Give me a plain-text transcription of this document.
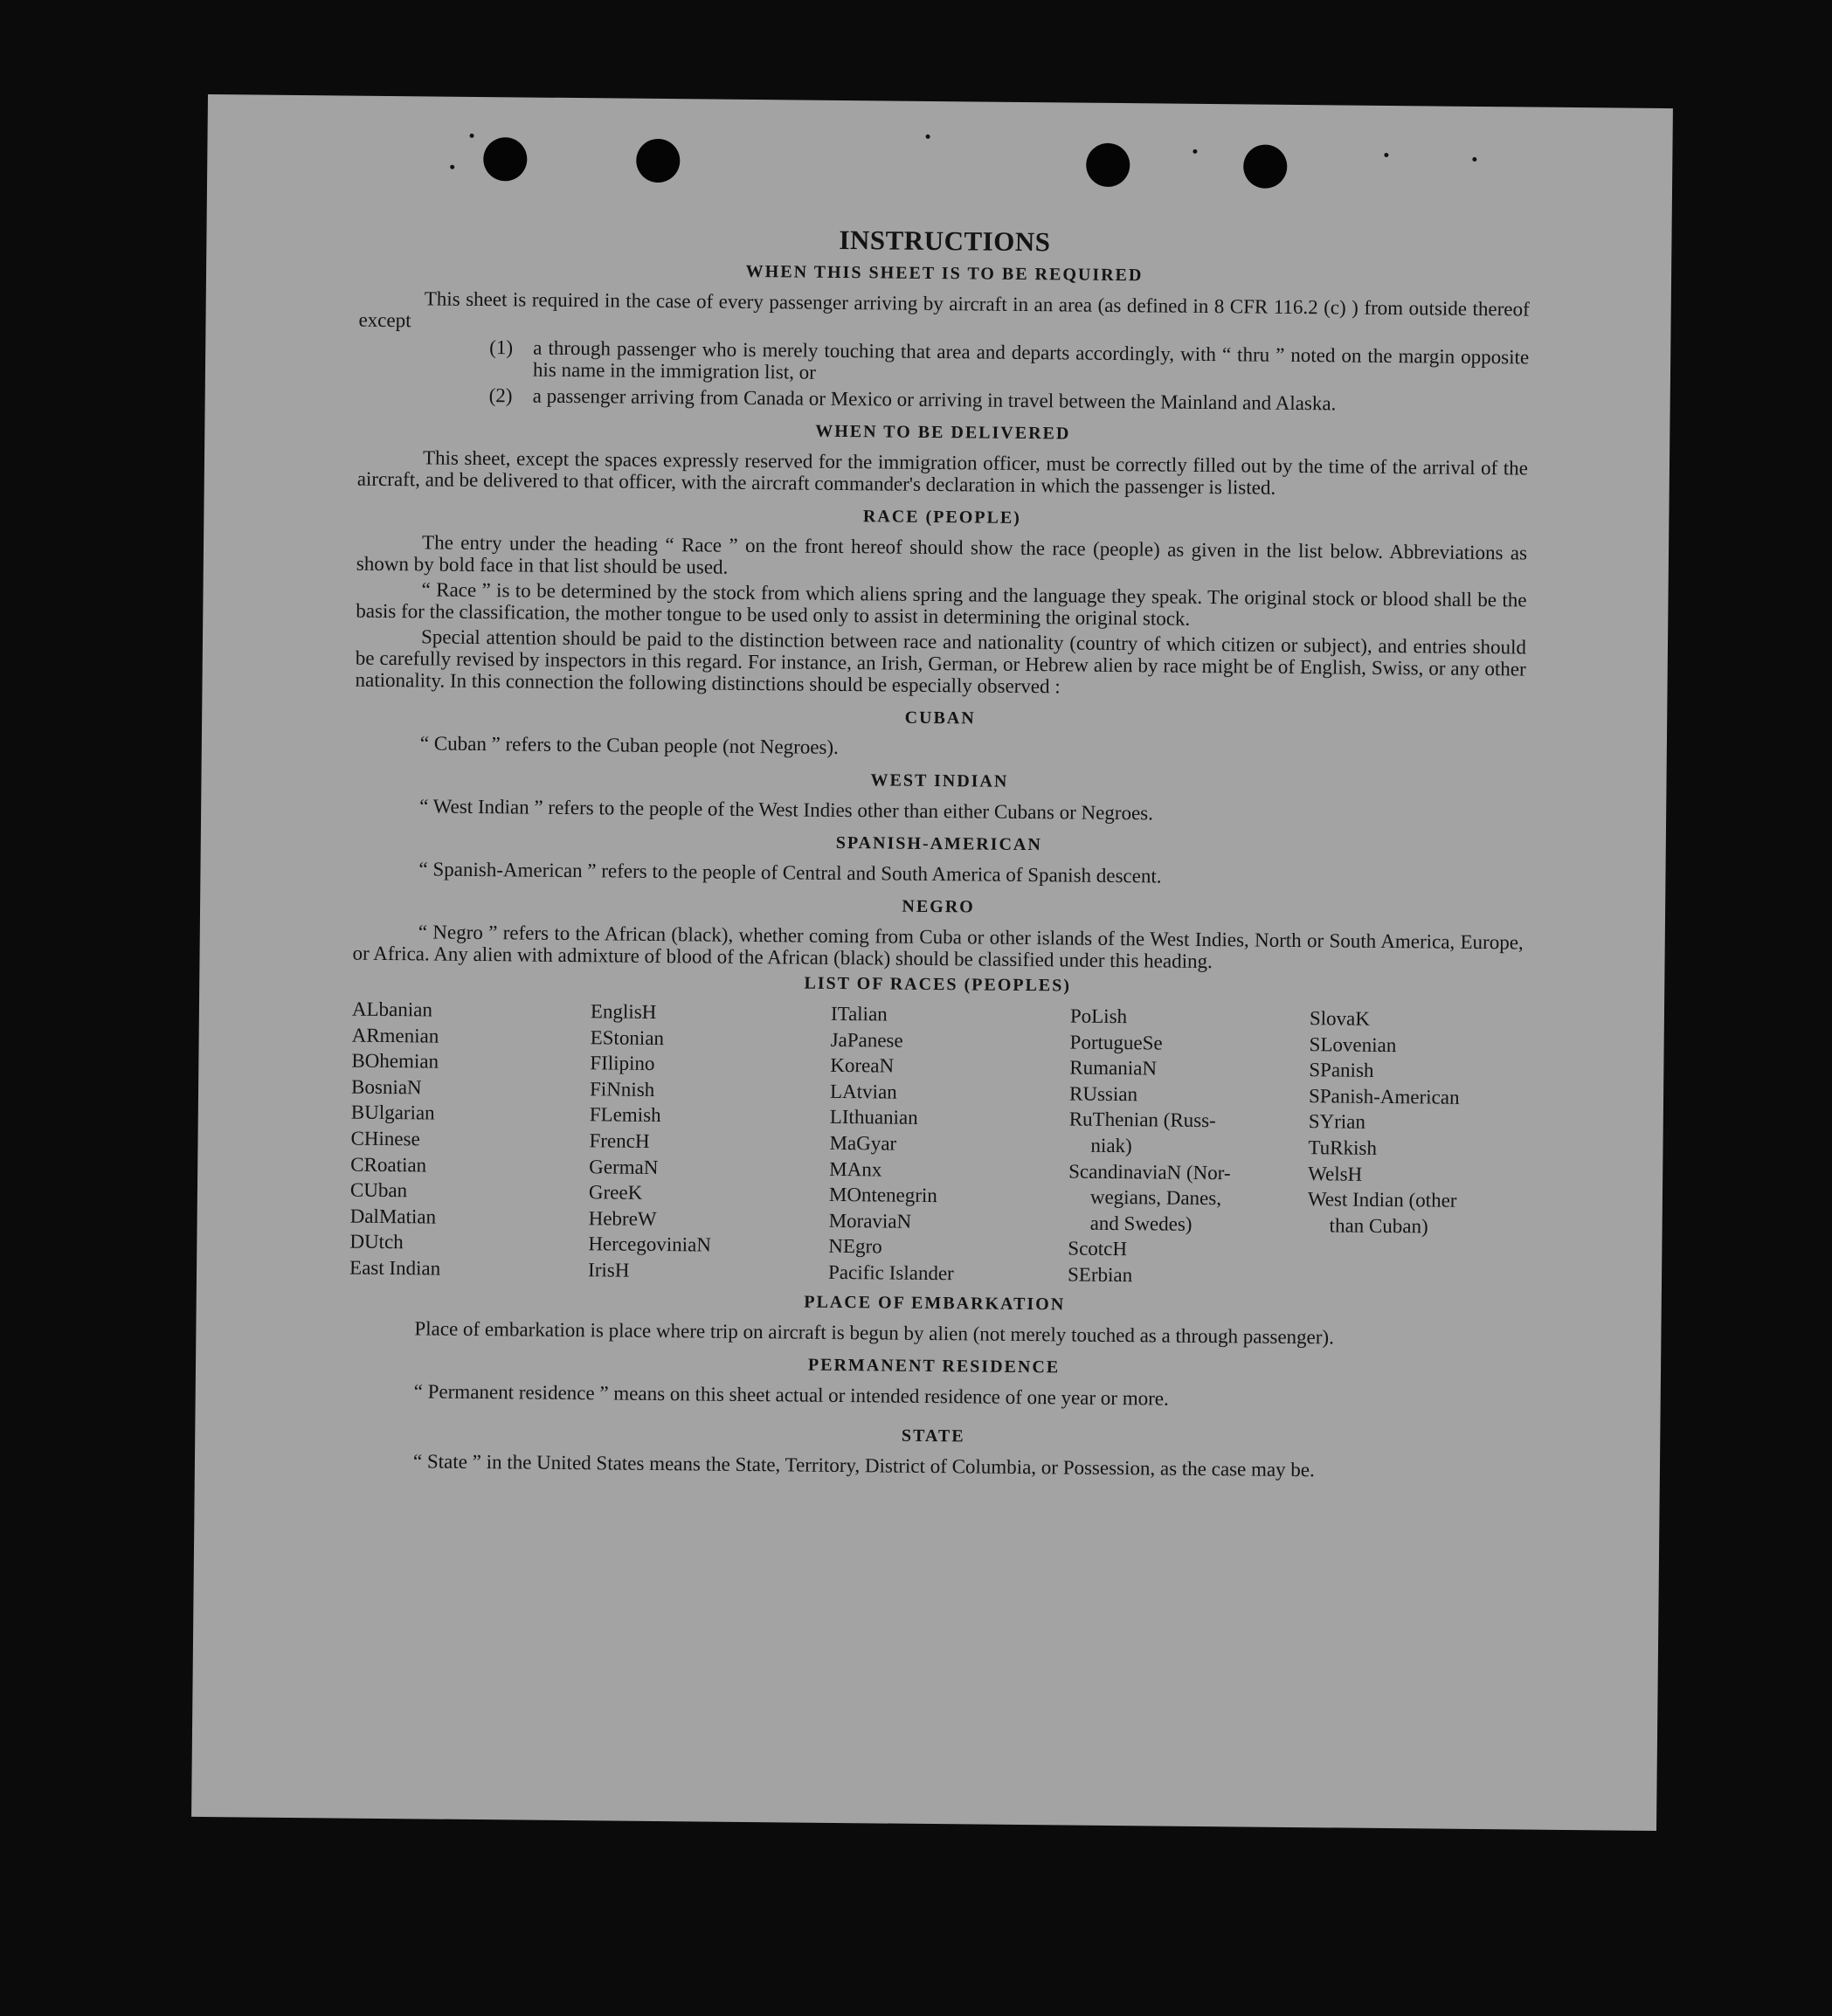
INSTRUCTIONS
WHEN THIS SHEET IS TO BE REQUIRED

This sheet is required in the case of every passenger arriving by aircraft in an area (as defined in 8 CFR 116.2 (c) ) from outside thereof except

(1) a through passenger who is merely touching that area and departs accordingly, with “ thru ” noted on the margin opposite his name in the immigration list, or
(2) a passenger arriving from Canada or Mexico or arriving in travel between the Mainland and Alaska.
WHEN TO BE DELIVERED

This sheet, except the spaces expressly reserved for the immigration officer, must be correctly filled out by the time of the arrival of the aircraft, and be delivered to that officer, with the aircraft commander's declaration in which the passenger is listed.

RACE (PEOPLE)

The entry under the heading “ Race ” on the front hereof should show the race (people) as given in the list below. Abbreviations as shown by bold face in that list should be used.

“ Race ” is to be determined by the stock from which aliens spring and the language they speak. The original stock or blood shall be the basis for the classification, the mother tongue to be used only to assist in determining the original stock.

Special attention should be paid to the distinction between race and nationality (country of which citizen or subject), and entries should be carefully revised by inspectors in this regard. For instance, an Irish, German, or Hebrew alien by race might be of English, Swiss, or any other nationality. In this connection the following distinctions should be especially observed :

CUBAN
“ Cuban ” refers to the Cuban people (not Negroes).
WEST INDIAN
“ West Indian ” refers to the people of the West Indies other than either Cubans or Negroes.
SPANISH-AMERICAN
“ Spanish-American ” refers to the people of Central and South America of Spanish descent.
NEGRO

“ Negro ” refers to the African (black), whether coming from Cuba or other islands of the West Indies, North or South America, Europe, or Africa. Any alien with admixture of blood of the African (black) should be classified under this heading.

LIST OF RACES (PEOPLES)
ALbanian	EnglisH	ITalian	PoLish	SlovaK
ARmenian	EStonian	JaPanese	PortugueSe	SLovenian
BOhemian	FIlipino	KoreaN	RumaniaN	SPanish
BosniaN	FiNnish	LAtvian	RUssian	SPanish-American
BUlgarian	FLemish	LIthuanian	RuThenian (Russ-	SYrian
CHinese	FrencH	MaGyar	niak)	TuRkish
CRoatian	GermaN	MAnx	ScandinaviaN (Nor-	WelsH
CUban	GreeK	MOntenegrin	wegians, Danes,	West Indian (other
DalMatian	HebreW	MoraviaN	and Swedes)	than Cuban)
DUtch	HercegoviniaN	NEgro	ScotcH
East Indian	IrisH	Pacific Islander	SErbian
PLACE OF EMBARKATION

Place of embarkation is place where trip on aircraft is begun by alien (not merely touched as a through passenger).

PERMANENT RESIDENCE

“ Permanent residence ” means on this sheet actual or intended residence of one year or more.

STATE

“ State ” in the United States means the State, Territory, District of Columbia, or Possession, as the case may be.
